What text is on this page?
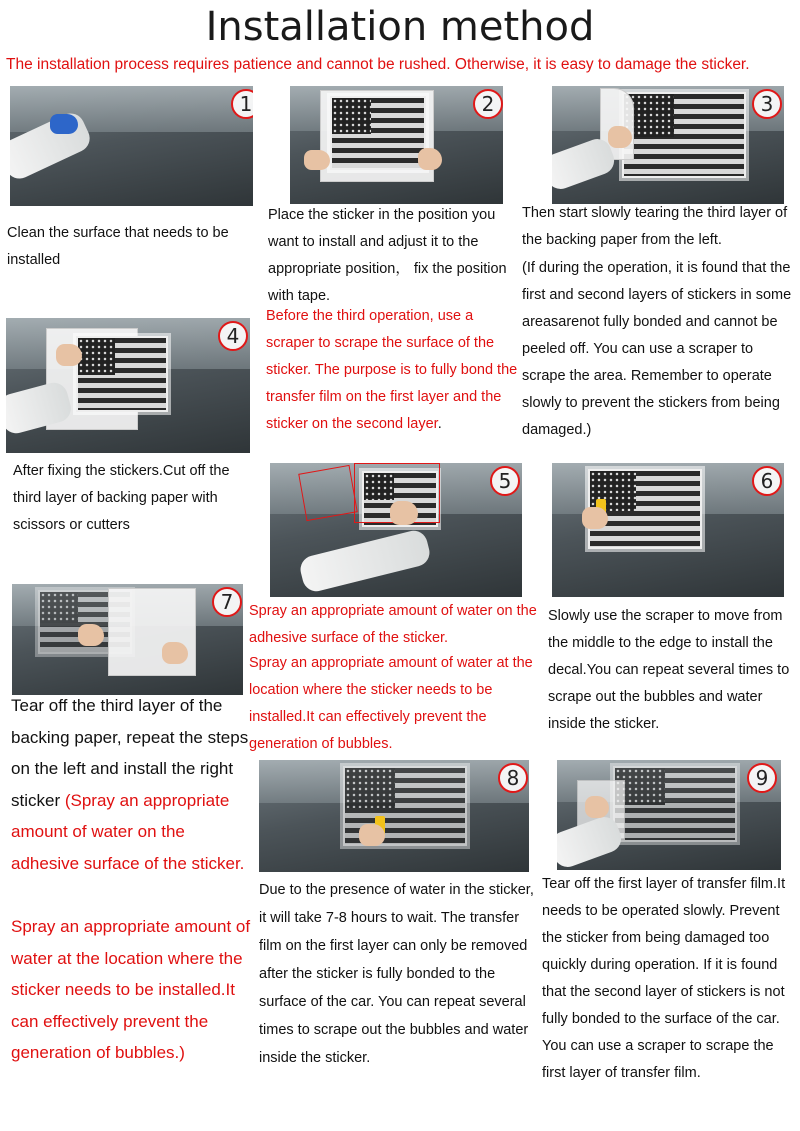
Installation method
The installation process requires patience and cannot be rushed. Otherwise, it is easy to damage the sticker.
1	2	3

Clean the surface that needs to be installed

Place the sticker in the position you want to install and adjust it to the appropriate position， fix the position with tape.

Before the third operation, use a scraper to scrape the surface of the sticker. The purpose is to fully bond the transfer film on the first layer and the sticker on the second layer.

Then start slowly tearing the third layer of the backing paper from the left.

(If during the operation, it is found that the first and second layers of stickers in some areasarenot fully bonded and cannot be peeled off. You can use a scraper to scrape the area. Remember to operate slowly to prevent the stickers from being damaged.)

4

After fixing the stickers.Cut off the third layer of backing paper with scissors or cutters

5	6

Spray an appropriate amount of water on the adhesive surface of the sticker.

Spray an appropriate amount of water at the location where the sticker needs to be installed.It can effectively prevent the generation of bubbles.

Slowly use the scraper to move from the middle to the edge to install the decal.You can repeat several times to scrape out the bubbles and water inside the sticker.

7

Tear off the third layer of the backing paper, repeat the steps on the left and install the right sticker (Spray an appropriate amount of water on the adhesive surface of the sticker.

Spray an appropriate amount of water at the location where the sticker needs to be installed.It can effectively prevent the generation of bubbles.)

8

Due to the presence of water in the sticker, it will take 7-8 hours to wait. The transfer film on the first layer can only be removed after the sticker is fully bonded to the surface of the car. You can repeat several times to scrape out the bubbles and water inside the sticker.

9

Tear off the first layer of transfer film.It needs to be operated slowly. Prevent the sticker from being damaged too quickly during operation. If it is found that the second layer of stickers is not fully bonded to the surface of the car. You can use a scraper to scrape the first layer of transfer film.
